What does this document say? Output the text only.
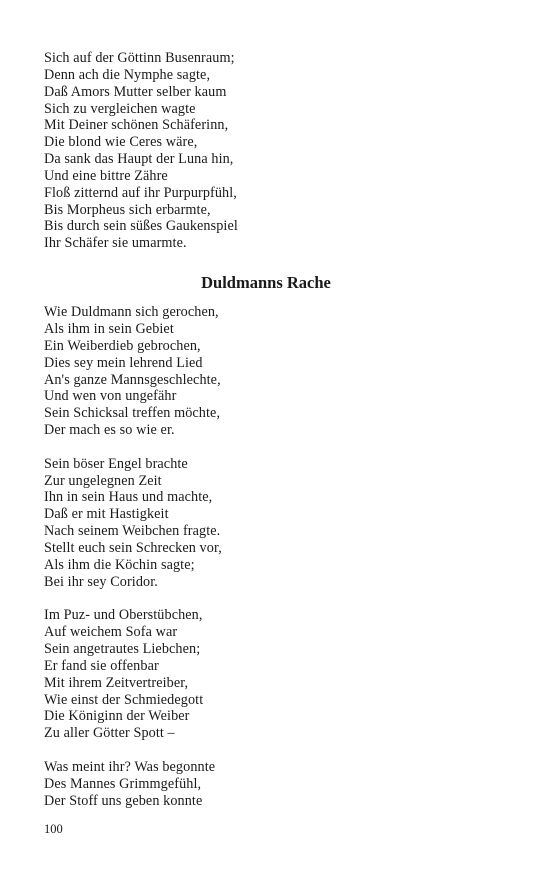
Sich auf der Göttinn Busenraum;
Denn ach die Nymphe sagte,
Daß Amors Mutter selber kaum
Sich zu vergleichen wagte
Mit Deiner schönen Schäferinn,
Die blond wie Ceres wäre,
Da sank das Haupt der Luna hin,
Und eine bittre Zähre
Floß zitternd auf ihr Purpurpfühl,
Bis Morpheus sich erbarmte,
Bis durch sein süßes Gaukenspiel
Ihr Schäfer sie umarmte.
Duldmanns Rache
Wie Duldmann sich gerochen,
Als ihm in sein Gebiet
Ein Weiberdieb gebrochen,
Dies sey mein lehrend Lied
An's ganze Mannsgeschlechte,
Und wen von ungefähr
Sein Schicksal treffen möchte,
Der mach es so wie er.
Sein böser Engel brachte
Zur ungelegnen Zeit
Ihn in sein Haus und machte,
Daß er mit Hastigkeit
Nach seinem Weibchen fragte.
Stellt euch sein Schrecken vor,
Als ihm die Köchin sagte;
Bei ihr sey Coridor.
Im Puz- und Oberstübchen,
Auf weichem Sofa war
Sein angetrautes Liebchen;
Er fand sie offenbar
Mit ihrem Zeitvertreiber,
Wie einst der Schmiedegott
Die Königinn der Weiber
Zu aller Götter Spott –
Was meint ihr? Was begonnte
Des Mannes Grimmgefühl,
Der Stoff uns geben konnte
100
